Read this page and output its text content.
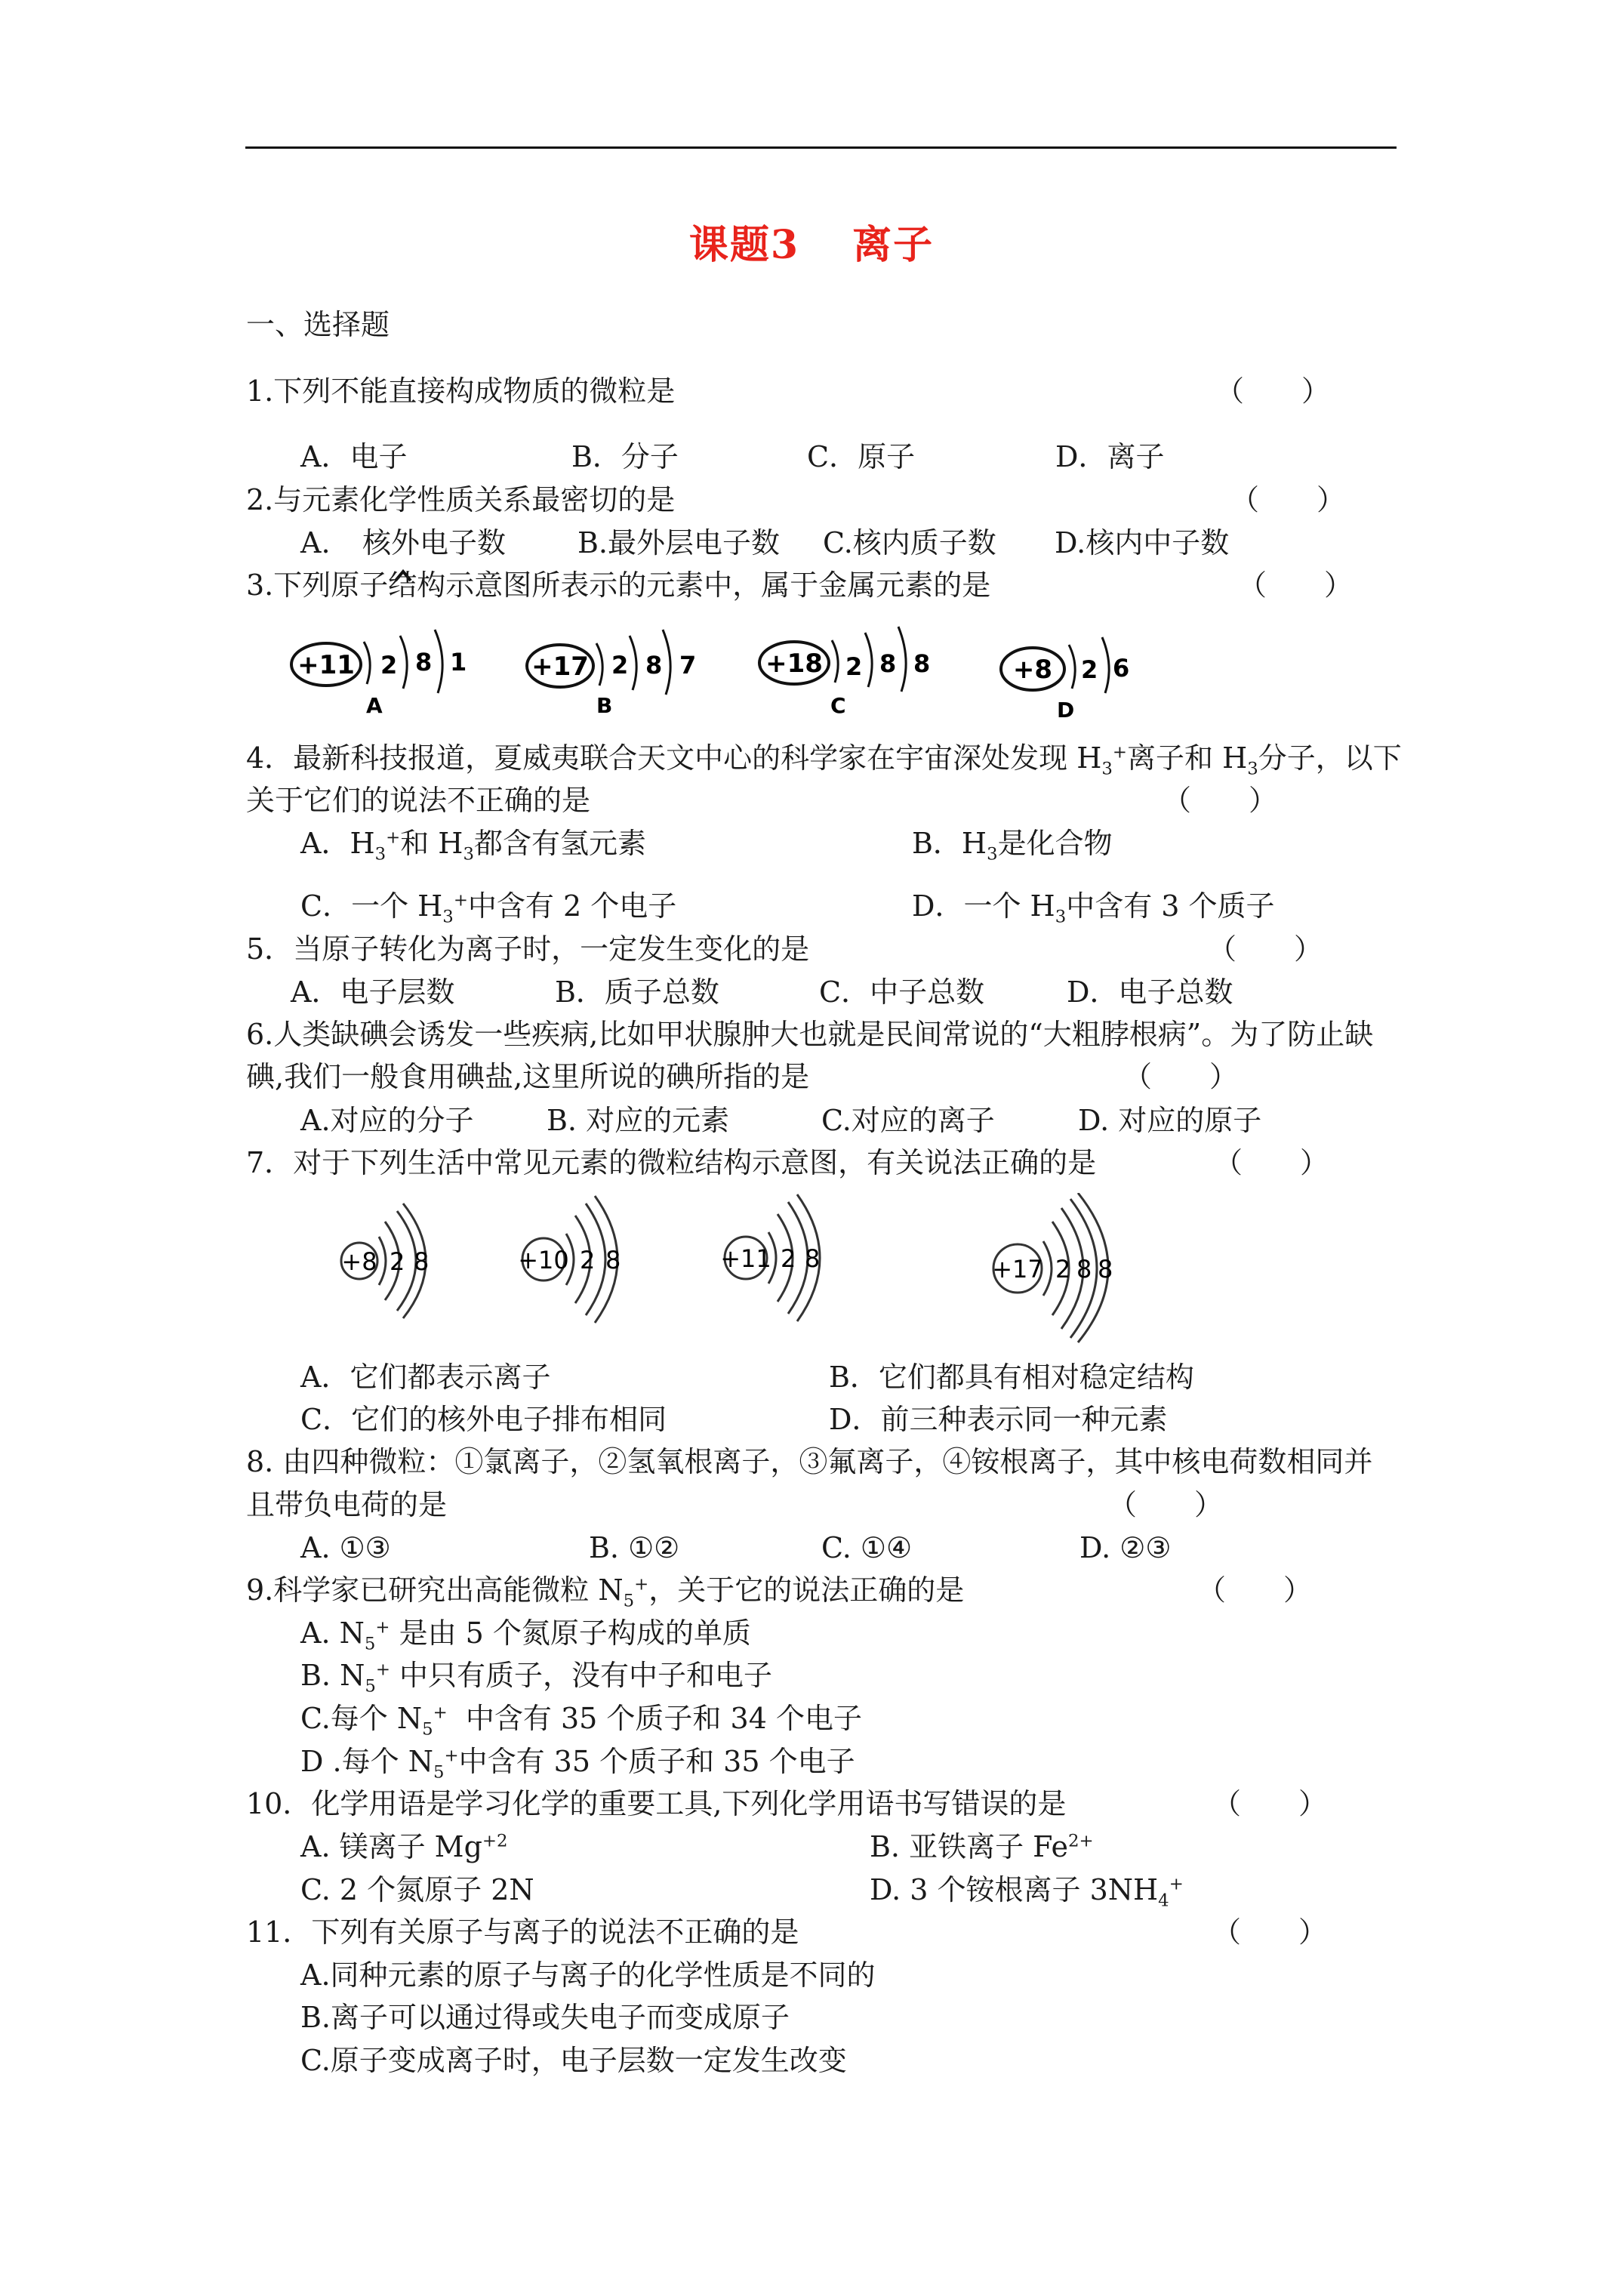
课题3 离子
一、选择题
1.下列不能直接构成物质的微粒是	（　　）
A．电子	B．分子	C．原子	D．离子
2.与元素化学性质关系最密切的是	（　　）
A.

核外电子数 B.最外层电子数 C.核内质子数 D.核内中子数
3.下列原子结构示意图所表示的元素中，属于金属元素的是	（　　）
+11 2 8 1
A
+17 2 8 7
B
+18 2 8 8
C
+8 2 6
D
4．最新科技报道，夏威夷联合天文中心的科学家在宇宙深处发现 $H_3^+$离子和 $H_3$分子，以下
关于它们的说法不正确的是	（　　）
A．$H_3^+$和 $H_3$都含有氢元素	B．$H_3$是化合物
C．一个 $H_3^+$中含有 2 个电子	D．一个 $H_3$中含有 3 个质子
5．当原子转化为离子时，一定发生变化的是	（　　）
A．电子层数	B．质子总数	C．中子总数	D．电子总数
6.人类缺碘会诱发一些疾病,比如甲状腺肿大也就是民间常说的“大粗脖根病”。为了防止缺
碘,我们一般食用碘盐,这里所说的碘所指的是	（　　）
A.对应的分子	B. 对应的元素	C.对应的离子	D. 对应的原子
7．对于下列生活中常见元素的微粒结构示意图，有关说法正确的是	（　　）
+8 2 8	+10 2 8	+11 2 8	+17 2 8 8
A．它们都表示离子	B．它们都具有相对稳定结构
C．它们的核外电子排布相同	D．前三种表示同一种元素
8. 由四种微粒：①氯离子，②氢氧根离子，③氟离子，④铵根离子，其中核电荷数相同并
且带负电荷的是	（　　）
A. ①③	B. ①②	C. ①④	D. ②③
9.科学家已研究出高能微粒 $N_5^+$，关于它的说法正确的是	（　　）
A. $N_5^+$ 是由 5 个氮原子构成的单质
B. $N_5^+$ 中只有质子，没有中子和电子
C.每个 $N_5^+$  中含有 35 个质子和 34 个电子
D .每个 $N_5^+$中含有 35 个质子和 35 个电子
10．化学用语是学习化学的重要工具,下列化学用语书写错误的是	（　　）
A. 镁离子 $Mg^{+2}$	B. 亚铁离子 $Fe^{2+}$
C. 2 个氮原子 2N	D. 3 个铵根离子 $3NH_4^+$
11．下列有关原子与离子的说法不正确的是	（　　）
A.同种元素的原子与离子的化学性质是不同的
B.离子可以通过得或失电子而变成原子
C.原子变成离子时，电子层数一定发生改变
